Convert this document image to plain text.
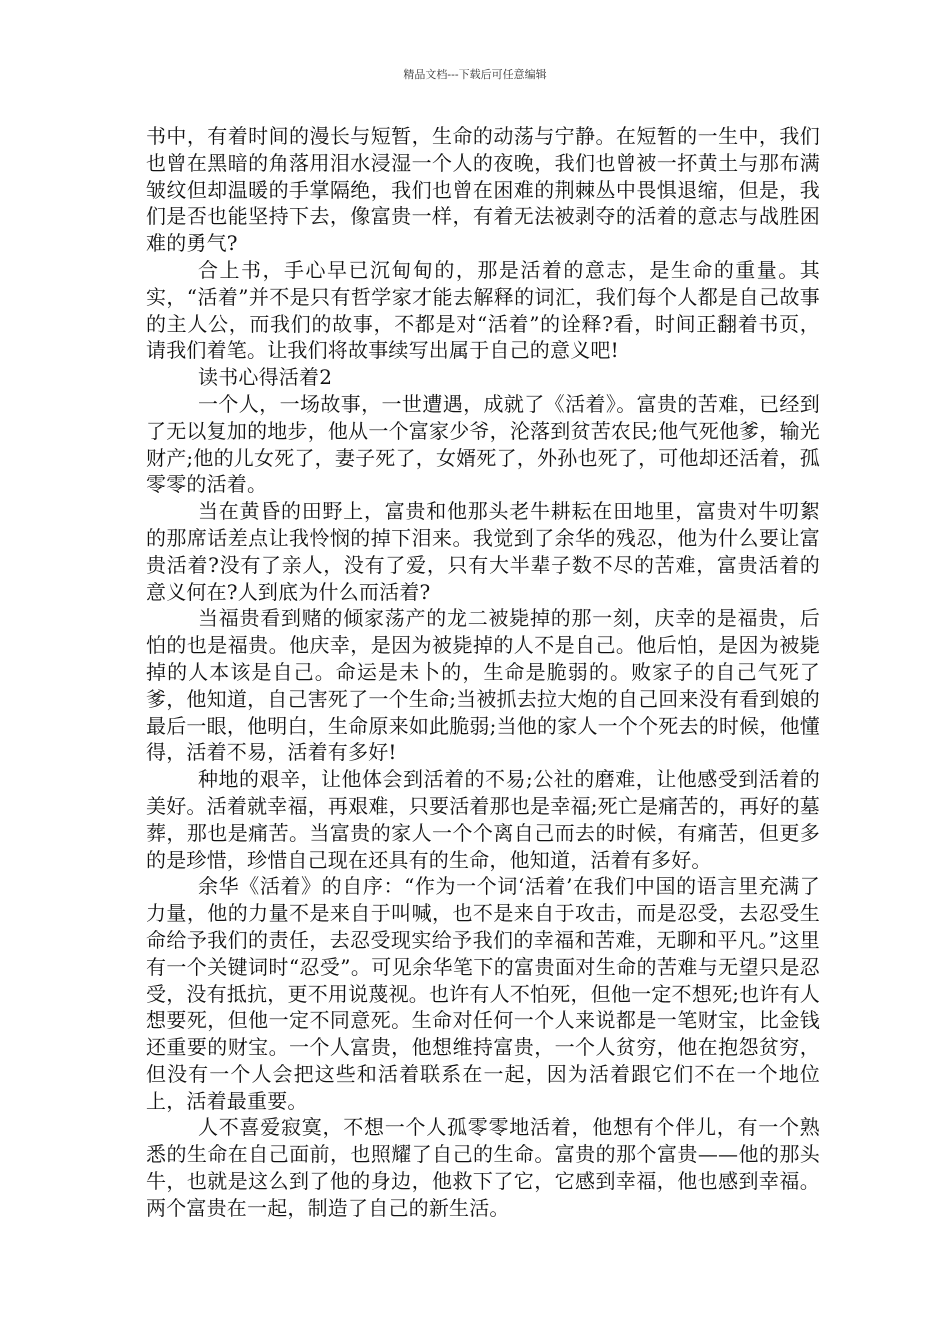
精品文档---下载后可任意编辑

书中，有着时间的漫长与短暂，生命的动荡与宁静。在短暂的一生中，我们也曾在黑暗的角落用泪水浸湿一个人的夜晚，我们也曾被一抔黄土与那布满皱纹但却温暖的手掌隔绝，我们也曾在困难的荆棘丛中畏惧退缩，但是，我们是否也能坚持下去，像富贵一样，有着无法被剥夺的活着的意志与战胜困难的勇气?

合上书，手心早已沉甸甸的，那是活着的意志，是生命的重量。其实，“活着”并不是只有哲学家才能去解释的词汇，我们每个人都是自己故事的主人公，而我们的故事，不都是对“活着”的诠释?看，时间正翻着书页，请我们着笔。让我们将故事续写出属于自己的意义吧!

读书心得活着2

一个人，一场故事，一世遭遇，成就了《活着》。富贵的苦难，已经到了无以复加的地步，他从一个富家少爷，沦落到贫苦农民;他气死他爹，输光财产;他的儿女死了，妻子死了，女婿死了，外孙也死了，可他却还活着，孤零零的活着。

当在黄昏的田野上，富贵和他那头老牛耕耘在田地里，富贵对牛叨絮的那席话差点让我怜悯的掉下泪来。我觉到了余华的残忍，他为什么要让富贵活着?没有了亲人，没有了爱，只有大半辈子数不尽的苦难，富贵活着的意义何在?人到底为什么而活着?

当福贵看到赌的倾家荡产的龙二被毙掉的那一刻，庆幸的是福贵，后怕的也是福贵。他庆幸，是因为被毙掉的人不是自己。他后怕，是因为被毙掉的人本该是自己。命运是未卜的，生命是脆弱的。败家子的自己气死了爹，他知道，自己害死了一个生命;当被抓去拉大炮的自己回来没有看到娘的最后一眼，他明白，生命原来如此脆弱;当他的家人一个个死去的时候，他懂得，活着不易，活着有多好!

种地的艰辛，让他体会到活着的不易;公社的磨难，让他感受到活着的美好。活着就幸福，再艰难，只要活着那也是幸福;死亡是痛苦的，再好的墓葬，那也是痛苦。当富贵的家人一个个离自己而去的时候，有痛苦，但更多的是珍惜，珍惜自己现在还具有的生命，他知道，活着有多好。

余华《活着》的自序：“作为一个词‘活着’在我们中国的语言里充满了力量，他的力量不是来自于叫喊，也不是来自于攻击，而是忍受，去忍受生命给予我们的责任，去忍受现实给予我们的幸福和苦难，无聊和平凡。”这里有一个关键词时“忍受”。可见余华笔下的富贵面对生命的苦难与无望只是忍受，没有抵抗，更不用说蔑视。也许有人不怕死，但他一定不想死;也许有人想要死，但他一定不同意死。生命对任何一个人来说都是一笔财宝，比金钱还重要的财宝。一个人富贵，他想维持富贵，一个人贫穷，他在抱怨贫穷，但没有一个人会把这些和活着联系在一起，因为活着跟它们不在一个地位上，活着最重要。

人不喜爱寂寞，不想一个人孤零零地活着，他想有个伴儿，有一个熟悉的生命在自己面前，也照耀了自己的生命。富贵的那个富贵——他的那头牛，也就是这么到了他的身边，他救下了它，它感到幸福，他也感到幸福。两个富贵在一起，制造了自己的新生活。
